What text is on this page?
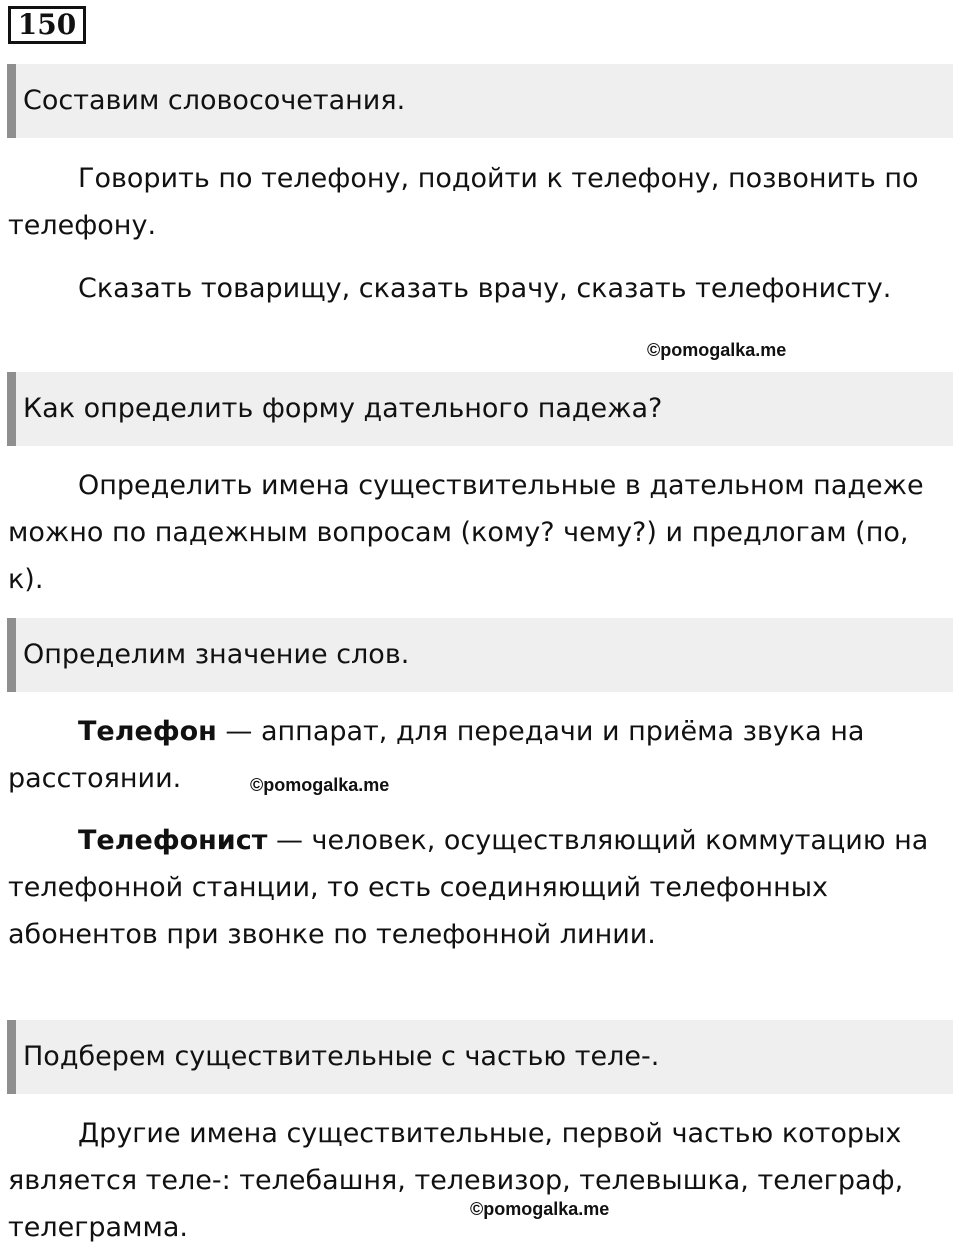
150
Составим словосочетания.

Говорить по телефону, подойти к телефону, позвонить по телефону.

Сказать товарищу, сказать врачу, сказать телефонисту.

©pomogalka.me
Как определить форму дательного падежа?

Определить имена существительные в дательном падеже можно по падежным вопросам (кому? чему?) и предлогам (по, к).

Определим значение слов.

Телефон — аппарат, для передачи и приёма звука на расстоянии.	©pomogalka.me

Телефонист — человек, осуществляющий коммутацию на телефонной станции, то есть соединяющий телефонных абонентов при звонке по телефонной линии.

Подберем существительные с частью теле-.

Другие имена существительные, первой частью которых является теле-: телебашня, телевизор, телевышка, телеграф, телеграмма.

©pomogalka.me
